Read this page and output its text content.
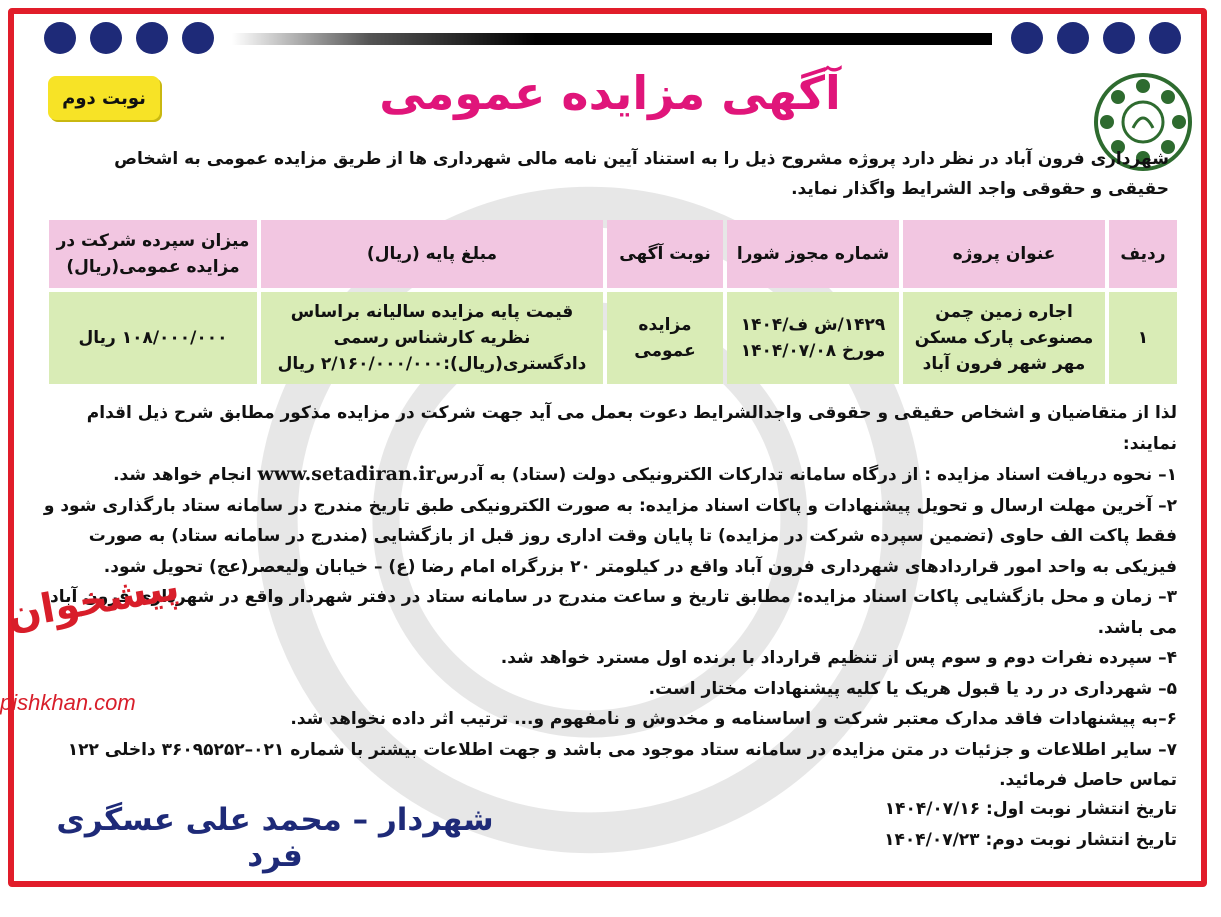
نوبت دوم	آگهی مزایده عمومی
شهرداری فرون آباد در نظر دارد پروژه مشروح ذیل را به استناد آیین نامه مالی شهرداری ها از طریق مزایده عمومی به اشخاص حقیقی و حقوقی واجد الشرایط واگذار نماید.
ردیف	عنوان پروژه	شماره مجوز شورا	نوبت آگهی	مبلغ پایه (ریال)	میزان سپرده شرکت در مزایده عمومی(ریال)
۱	اجاره زمین چمن مصنوعی پارک مسکن مهر شهر فرون آباد	۱۴۲۹/ش ف/۱۴۰۴ مورخ ۱۴۰۴/۰۷/۰۸	مزایده عمومی	قیمت پایه مزایده سالیانه براساس نظریه کارشناس رسمی دادگستری(ریال):۲/۱۶۰/۰۰۰/۰۰۰ ریال	۱۰۸/۰۰۰/۰۰۰ ریال

لذا از متقاضیان و اشخاص حقیقی و حقوقی واجدالشرایط دعوت بعمل می آید جهت شرکت در مزایده مذکور مطابق شرح ذیل اقدام نمایند:

۱– نحوه دریافت اسناد مزایده : از درگاه سامانه تدارکات الکترونیکی دولت (ستاد) به آدرسwww.setadiran.ir انجام خواهد شد.

۲– آخرین مهلت ارسال و تحویل پیشنهادات و پاکات اسناد مزایده: به صورت الکترونیکی طبق تاریخ مندرج در سامانه ستاد بارگذاری شود و فقط پاکت الف حاوی (تضمین سپرده شرکت در مزایده) تا پایان وقت اداری روز قبل از بازگشایی (مندرج در سامانه ستاد) به صورت فیزیکی به واحد امور قراردادهای شهرداری فرون آباد واقع در کیلومتر ۲۰ بزرگراه امام رضا (ع) – خیابان ولیعصر(عج) تحویل شود.

۳– زمان و محل بازگشایی پاکات اسناد مزایده: مطابق تاریخ و ساعت مندرج در سامانه ستاد در دفتر شهردار واقع در شهرداری فرون آباد می باشد.

۴– سپرده نفرات دوم و سوم پس از تنظیم قرارداد با برنده اول مسترد خواهد شد.

۵– شهرداری در رد یا قبول هریک یا کلیه پیشنهادات مختار است.

۶–به پیشنهادات فاقد مدارک معتبر شرکت و اساسنامه و مخدوش و نامفهوم و... ترتیب اثر داده نخواهد شد.

۷– سایر اطلاعات و جزئیات در متن مزایده در سامانه ستاد موجود می باشد و جهت اطلاعات بیشتر با شماره ۰۲۱–۳۶۰۹۵۲۵۲ داخلی ۱۲۲ تماس حاصل فرمائید.

تاریخ انتشار نوبت اول: ۱۴۰۴/۰۷/۱۶
تاریخ انتشار نوبت دوم: ۱۴۰۴/۰۷/۲۳
شهردار – محمد علی عسگری فرد
پیشخوان
pishkhan.com
